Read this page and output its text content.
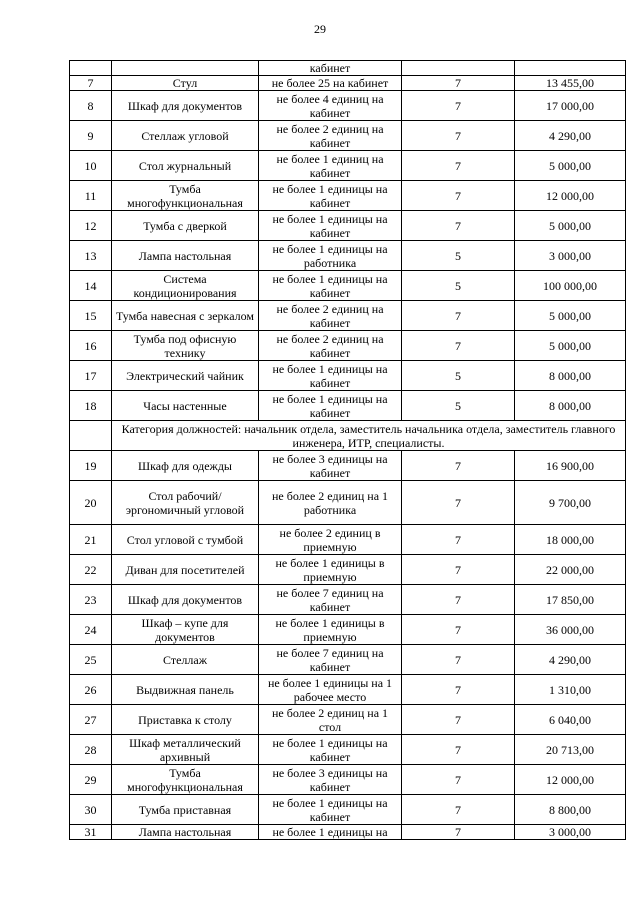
29
		кабинет		
7	Стул	не более 25 на кабинет	7	13 455,00
8	Шкаф для документов	не более 4 единиц на кабинет	7	17 000,00
9	Стеллаж угловой	не более 2 единиц на кабинет	7	4 290,00
10	Стол журнальный	не более 1 единиц на кабинет	7	5 000,00
11	Тумба многофункциональная	не более 1 единицы на кабинет	7	12 000,00
12	Тумба с дверкой	не более 1 единицы на кабинет	7	5 000,00
13	Лампа настольная	не более 1 единицы на работника	5	3 000,00
14	Система кондиционирования	не более 1 единицы на кабинет	5	100 000,00
15	Тумба навесная с зеркалом	не более 2 единиц на кабинет	7	5 000,00
16	Тумба под офисную технику	не более 2 единиц на кабинет	7	5 000,00
17	Электрический чайник	не более 1 единицы на кабинет	5	8 000,00
18	Часы настенные	не более 1 единицы на кабинет	5	8 000,00
	Категория должностей: начальник отдела, заместитель начальника отдела, заместитель главного инженера, ИТР, специалисты.			
19	Шкаф для одежды	не более 3 единицы на кабинет	7	16 900,00
20	Стол рабочий/эргономичный угловой	не более 2 единиц на 1 работника	7	9 700,00
21	Стол угловой с тумбой	не более 2 единиц в приемную	7	18 000,00
22	Диван для посетителей	не более 1 единицы в приемную	7	22 000,00
23	Шкаф для документов	не более 7 единиц на кабинет	7	17 850,00
24	Шкаф – купе для документов	не более 1 единицы в приемную	7	36 000,00
25	Стеллаж	не более 7 единиц на кабинет	7	4 290,00
26	Выдвижная панель	не более 1 единицы на 1 рабочее место	7	1 310,00
27	Приставка к столу	не более 2 единиц на 1 стол	7	6 040,00
28	Шкаф металлический архивный	не более 1 единицы на кабинет	7	20 713,00
29	Тумба многофункциональная	не более 3 единицы на кабинет	7	12 000,00
30	Тумба приставная	не более 1 единицы на кабинет	7	8 800,00
31	Лампа настольная	не более 1 единицы на	7	3 000,00
